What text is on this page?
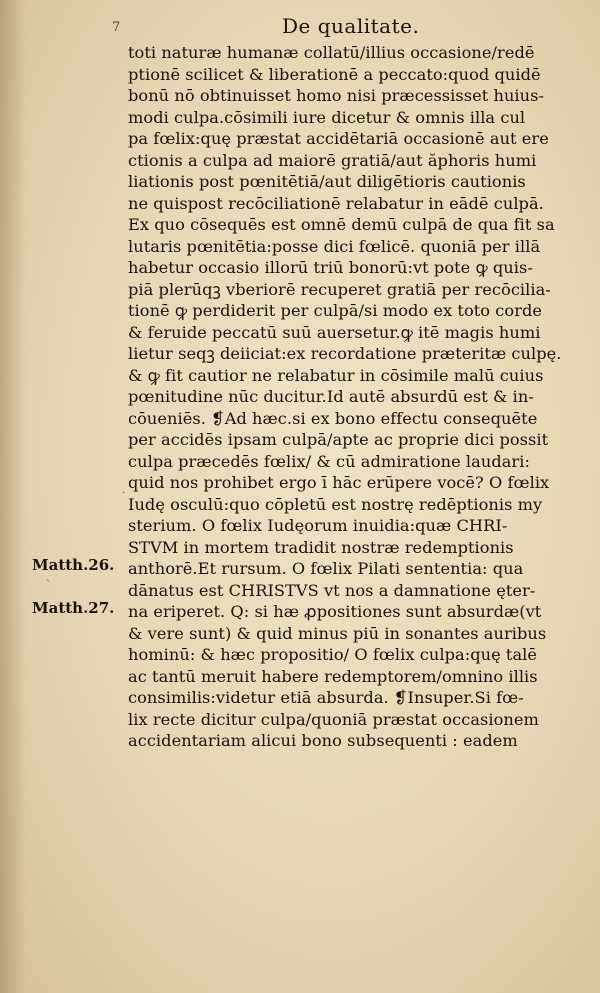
7	De qualitate.
toti naturæ humanæ collatū/illius occasione/redē
ptionē scilicet & liberationē a peccato:quod quidē
bonū nō obtinuisset homo nisi præcessisset huius-
modi culpa.cōsimili iure dicetur & omnis illa cul
pa fœlix:quę præstat accidētariā occasionē aut ere
ctionis a culpa ad maiorē gratiā/aut ăphoris humi
liationis post pœnitētiā/aut diligētioris cautionis
ne quispost recōciliationē relabatur in eādē culpā.
Ex quo cōsequēs est omnē demū culpā de qua fit sa
lutaris pœnitētia:posse dici fœlicē. quoniā per illā
habetur occasio illorū triū bonorū:vt pote ꝙ quis-
piā plerūqꝫ vberiorē recuperet gratiā per recōcilia-
tionē ꝙ perdiderit per culpā/si modo ex toto corde
& feruide peccatū suū auersetur.ꝙ itē magis humi
lietur seqꝫ deiiciat:ex recordatione præteritæ culpę.
& ꝙ fit cautior ne relabatur in cōsimile malū cuius
pœnitudine nūc ducitur.Id autē absurdū est & in-
cōueniēs. ❡Ad hæc.si ex bono effectu consequēte
per accidēs ipsam culpā/apte ac proprie dici possit
culpa præcedēs fœlix/ & cū admiratione laudari:
quid nos prohibet ergo ī hāc erūpere vocē? O fœlix
Iudę osculū:quo cōpletū est nostrę redēptionis my
sterium. O fœlix Iudęorum inuidia:quæ CHRI-
STVM in mortem tradidit nostræ redemptionis
anthorē.Et rursum. O fœlix Pilati sententia: qua
dānatus est CHRISTVS vt nos a damnatione ęter-
na eriperet. Q: si hæ ꝓpositiones sunt absurdæ(vt
& vere sunt) & quid minus piū in sonantes auribus
hominū: & hæc propositio/ O fœlix culpa:quę talē
ac tantū meruit habere redemptorem/omnino illis
consimilis:videtur etiā absurda. ❡Insuper.Si fœ-
lix recte dicitur culpa/quoniā præstat occasionem
accidentariam alicui bono subsequenti : eadem
·
ˋ
Matth.26.
Matth.27.
